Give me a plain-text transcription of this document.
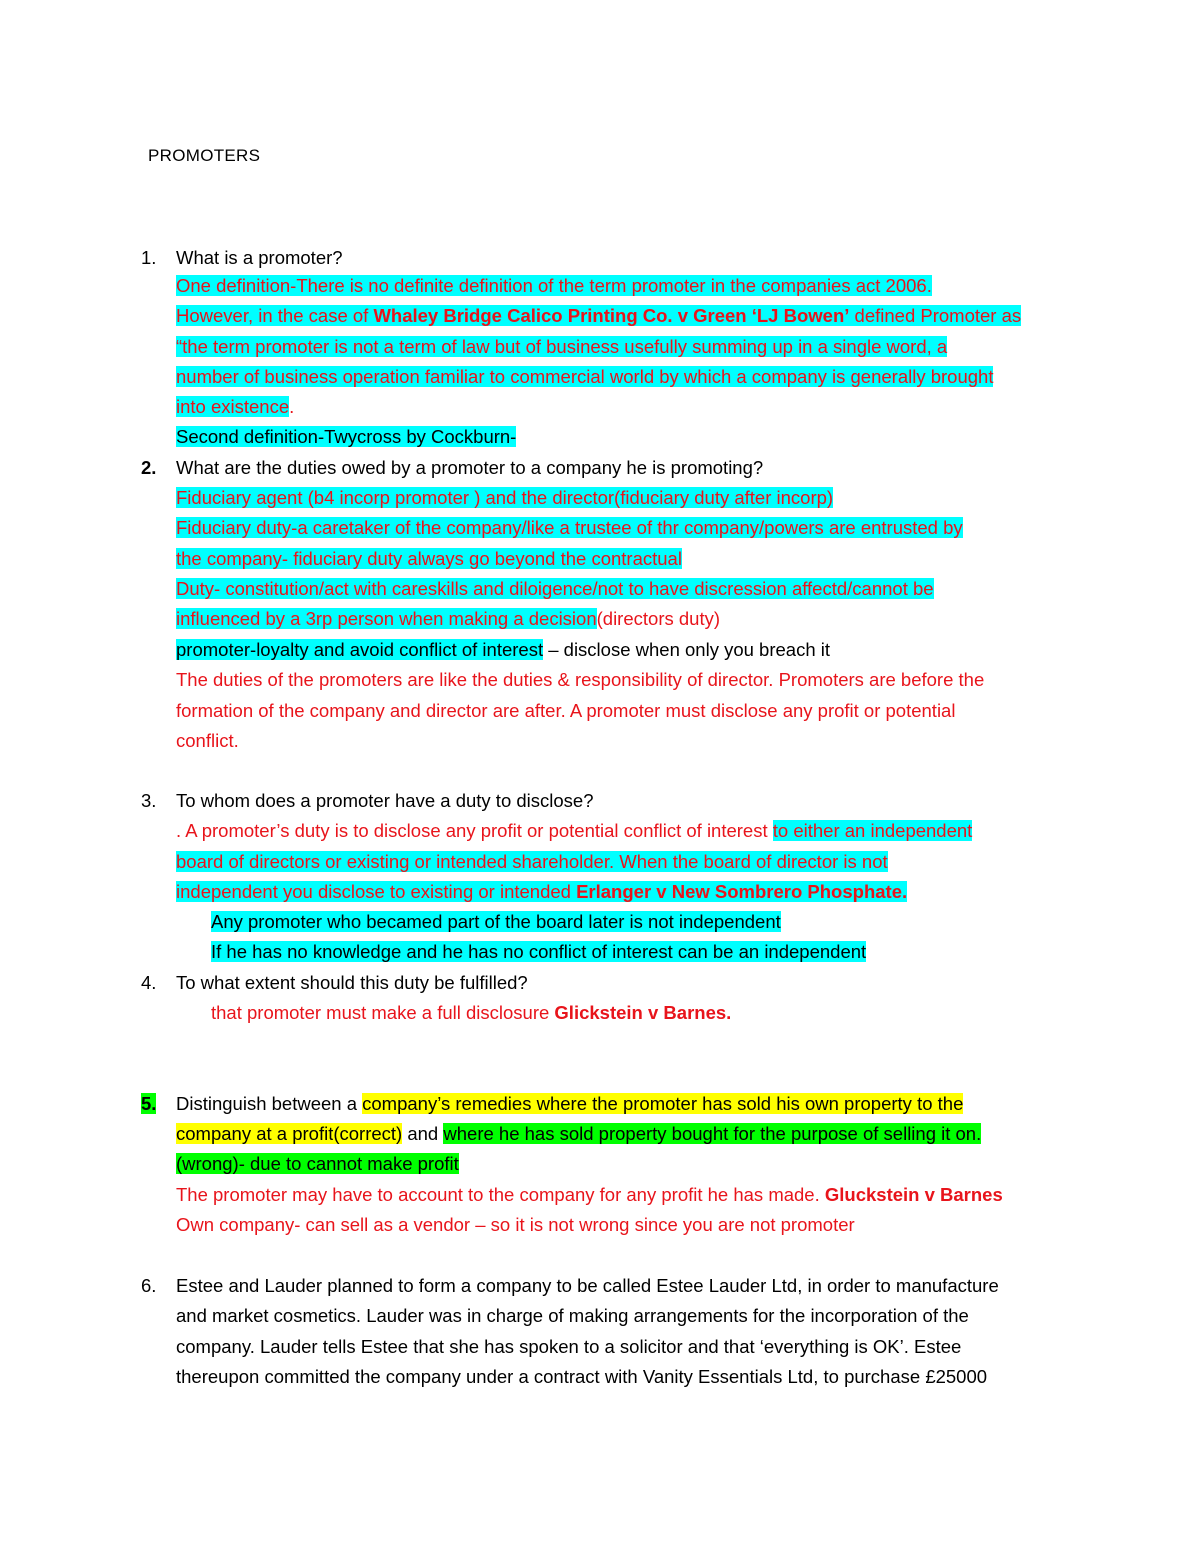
PROMOTERS
1. What is a promoter?
One definition-There is no definite definition of the term promoter in the companies act 2006.
However, in the case of Whaley Bridge Calico Printing Co. v Green ‘LJ Bowen’ defined Promoter as
“the term promoter is not a term of law but of business usefully summing up in a single word, a
number of business operation familiar to commercial world by which a company is generally brought
into existence.
Second definition-Twycross by Cockburn-
2. What are the duties owed by a promoter to a company he is promoting?
Fiduciary agent (b4 incorp promoter ) and the director(fiduciary duty after incorp)
Fiduciary duty-a caretaker of the company/like a trustee of thr company/powers are entrusted by
the company- fiduciary duty always go beyond the contractual
Duty- constitution/act with careskills and diloigence/not to have discression affectd/cannot be
influenced by a 3rp person when making a decision(directors duty)
promoter-loyalty and avoid conflict of interest – disclose when only you breach it
The duties of the promoters are like the duties & responsibility of director. Promoters are before the
formation of the company and director are after. A promoter must disclose any profit or potential
conflict.
3. To whom does a promoter have a duty to disclose?
. A promoter’s duty is to disclose any profit or potential conflict of interest to either an independent
board of directors or existing or intended shareholder. When the board of director is not
independent you disclose to existing or intended Erlanger v New Sombrero Phosphate.
Any promoter who becamed part of the board later is not independent
If he has no knowledge and he has no conflict of interest can be an independent
4. To what extent should this duty be fulfilled?
that promoter must make a full disclosure Glickstein v Barnes.
5. Distinguish between a company’s remedies where the promoter has sold his own property to the
company at a profit(correct) and where he has sold property bought for the purpose of selling it on.
(wrong)- due to cannot make profit
The promoter may have to account to the company for any profit he has made. Gluckstein v Barnes
Own company- can sell as a vendor – so it is not wrong since you are not promoter
6. Estee and Lauder planned to form a company to be called Estee Lauder Ltd, in order to manufacture
and market cosmetics. Lauder was in charge of making arrangements for the incorporation of the
company. Lauder tells Estee that she has spoken to a solicitor and that ‘everything is OK’. Estee
thereupon committed the company under a contract with Vanity Essentials Ltd, to purchase £25000
